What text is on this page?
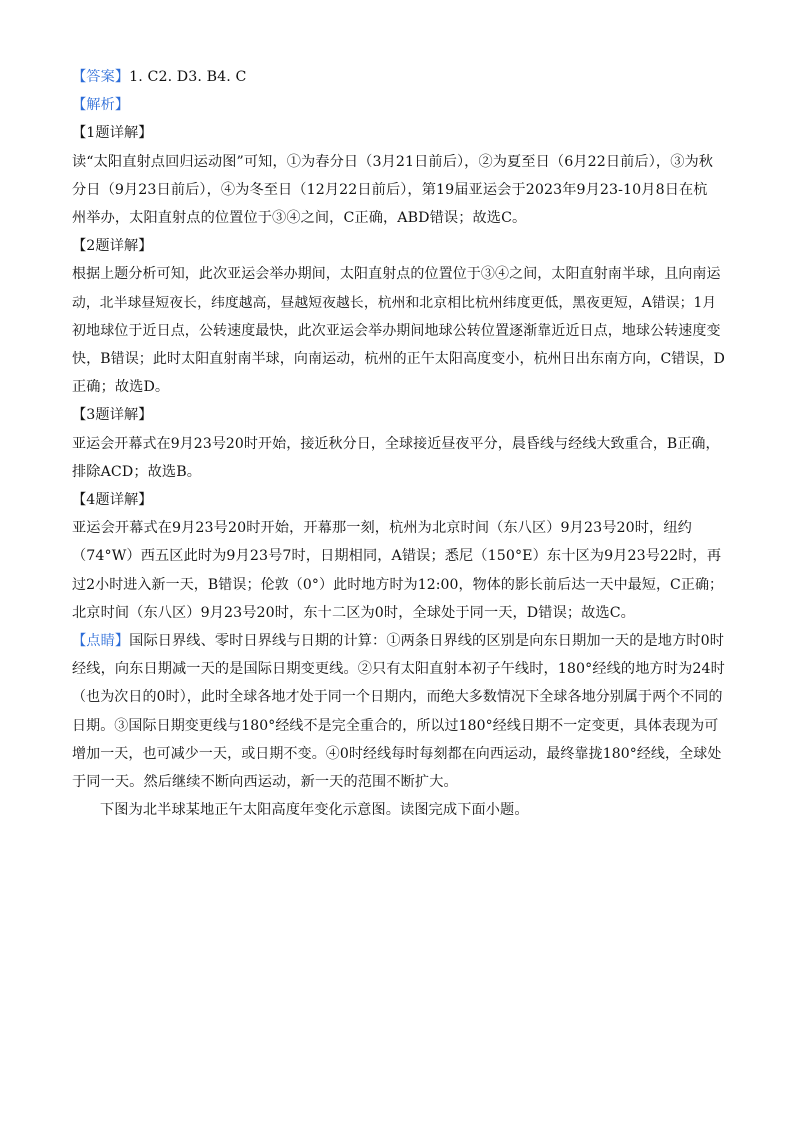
【答案】1. C2. D3. B4. C
【解析】
【1题详解】
读“太阳直射点回归运动图”可知，①为春分日（3月21日前后），②为夏至日（6月22日前后），③为秋
分日（9月23日前后），④为冬至日（12月22日前后），第19届亚运会于2023年9月23-10月8日在杭
州举办，太阳直射点的位置位于③④之间，C正确，ABD错误；故选C。
【2题详解】
根据上题分析可知，此次亚运会举办期间，太阳直射点的位置位于③④之间，太阳直射南半球，且向南运
动，北半球昼短夜长，纬度越高，昼越短夜越长，杭州和北京相比杭州纬度更低，黑夜更短，A错误；1月
初地球位于近日点，公转速度最快，此次亚运会举办期间地球公转位置逐渐靠近近日点，地球公转速度变
快，B错误；此时太阳直射南半球，向南运动，杭州的正午太阳高度变小，杭州日出东南方向，C错误，D
正确；故选D。
【3题详解】
亚运会开幕式在9月23号20时开始，接近秋分日，全球接近昼夜平分，晨昏线与经线大致重合，B正确，
排除ACD；故选B。
【4题详解】
亚运会开幕式在9月23号20时开始，开幕那一刻，杭州为北京时间（东八区）9月23号20时，纽约
（74°W）西五区此时为9月23号7时，日期相同，A错误；悉尼（150°E）东十区为9月23号22时，再
过2小时进入新一天，B错误；伦敦（0°）此时地方时为12:00，物体的影长前后达一天中最短，C正确；
北京时间（东八区）9月23号20时，东十二区为0时，全球处于同一天，D错误；故选C。
【点睛】国际日界线、零时日界线与日期的计算：①两条日界线的区别是向东日期加一天的是地方时0时
经线，向东日期减一天的是国际日期变更线。②只有太阳直射本初子午线时，180°经线的地方时为24时
（也为次日的0时），此时全球各地才处于同一个日期内，而绝大多数情况下全球各地分别属于两个不同的
日期。③国际日期变更线与180°经线不是完全重合的，所以过180°经线日期不一定变更，具体表现为可
增加一天，也可减少一天，或日期不变。④0时经线每时每刻都在向西运动，最终靠拢180°经线，全球处
于同一天。然后继续不断向西运动，新一天的范围不断扩大。
下图为北半球某地正午太阳高度年变化示意图。读图完成下面小题。
